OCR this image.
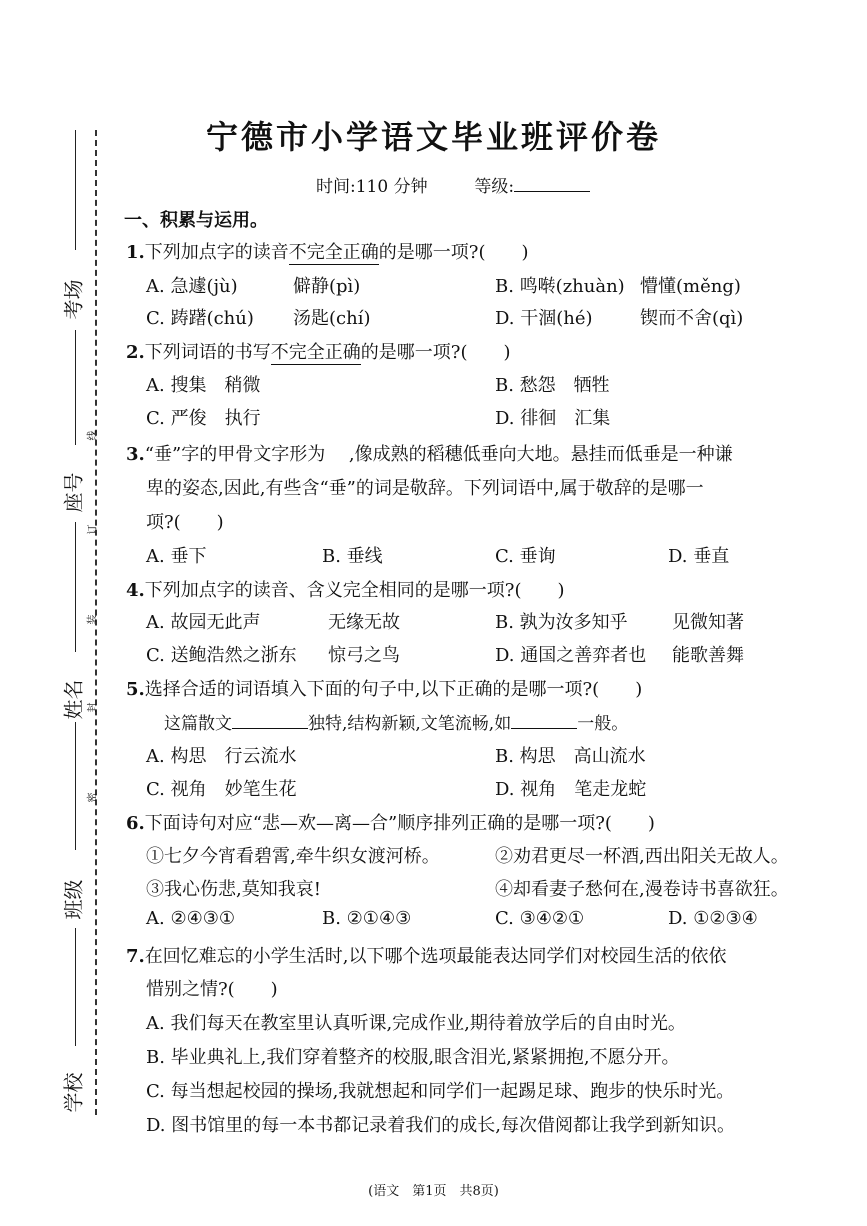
考场
座号
姓名
班级
学校
线
订
装
封
密
宁德市小学语文毕业班评价卷
时间:110 分钟	等级:
一、积累与运用。
1.下列加点字的读音不完全正确的是哪一项?(　　)
A. 急遽(jù)	僻静(pì)	B. 鸣啭(zhuàn) 懵懂(měng)
C. 踌躇(chú) 汤匙(chí)	D. 干涸(hé)	锲而不舍(qì)
2.下列词语的书写不完全正确的是哪一项?(　　)
A. 搜集　稍微	B. 愁怨　牺牲
C. 严俊　执行	D. 徘徊　汇集
3.“垂”字的甲骨文字形为　 ,像成熟的稻穗低垂向大地。悬挂而低垂是一种谦
卑的姿态,因此,有些含“垂”的词是敬辞。下列词语中,属于敬辞的是哪一
项?(　　)
A. 垂下	B. 垂线	C. 垂询	D. 垂直
4.下列加点字的读音、含义完全相同的是哪一项?(　　)
A. 故园无此声	无缘无故	B. 孰为汝多知乎 见微知著
C. 送鲍浩然之浙东 惊弓之鸟	D. 通国之善弈者也 能歌善舞
5.选择合适的词语填入下面的句子中,以下正确的是哪一项?(　　)
这篇散文	独特,结构新颖,文笔流畅,如	一般。
A. 构思　行云流水	B. 构思　高山流水
C. 视角　妙笔生花	D. 视角　笔走龙蛇
6.下面诗句对应“悲—欢—离—合”顺序排列正确的是哪一项?(　　)
①七夕今宵看碧霄,牵牛织女渡河桥。	②劝君更尽一杯酒,西出阳关无故人。
③我心伤悲,莫知我哀!	④却看妻子愁何在,漫卷诗书喜欲狂。
A. ②④③①	B. ②①④③	C. ③④②①	D. ①②③④
7.在回忆难忘的小学生活时,以下哪个选项最能表达同学们对校园生活的依依
惜别之情?(　　)
A. 我们每天在教室里认真听课,完成作业,期待着放学后的自由时光。
B. 毕业典礼上,我们穿着整齐的校服,眼含泪光,紧紧拥抱,不愿分开。
C. 每当想起校园的操场,我就想起和同学们一起踢足球、跑步的快乐时光。
D. 图书馆里的每一本书都记录着我们的成长,每次借阅都让我学到新知识。
(语文　第1页　共8页)
